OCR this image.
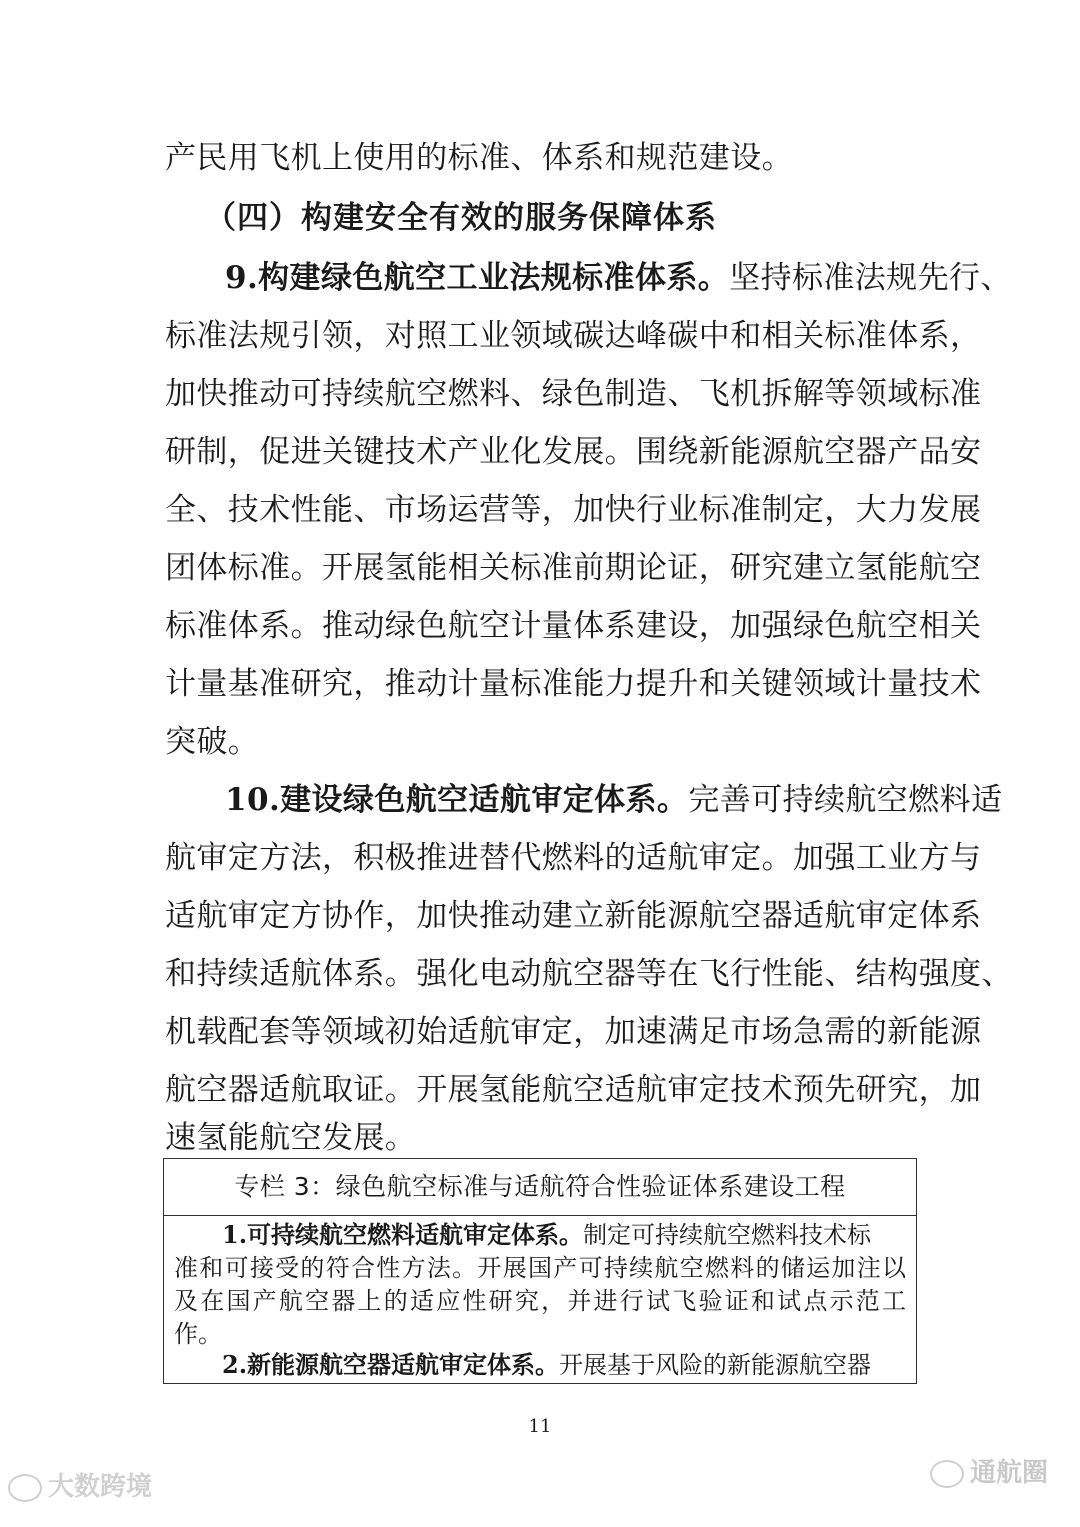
产民用飞机上使用的标准、体系和规范建设。
（四）构建安全有效的服务保障体系
9.构建绿色航空工业法规标准体系。坚持标准法规先行、
标准法规引领，对照工业领域碳达峰碳中和相关标准体系，
加快推动可持续航空燃料、绿色制造、飞机拆解等领域标准
研制，促进关键技术产业化发展。围绕新能源航空器产品安
全、技术性能、市场运营等，加快行业标准制定，大力发展
团体标准。开展氢能相关标准前期论证，研究建立氢能航空
标准体系。推动绿色航空计量体系建设，加强绿色航空相关
计量基准研究，推动计量标准能力提升和关键领域计量技术
突破。
10.建设绿色航空适航审定体系。完善可持续航空燃料适
航审定方法，积极推进替代燃料的适航审定。加强工业方与
适航审定方协作，加快推动建立新能源航空器适航审定体系
和持续适航体系。强化电动航空器等在飞行性能、结构强度、
机载配套等领域初始适航审定，加速满足市场急需的新能源
航空器适航取证。开展氢能航空适航审定技术预先研究，加
速氢能航空发展。
专栏 3：绿色航空标准与适航符合性验证体系建设工程
1.可持续航空燃料适航审定体系。制定可持续航空燃料技术标
准和可接受的符合性方法。开展国产可持续航空燃料的储运加注以
及在国产航空器上的适应性研究，并进行试飞验证和试点示范工
作。
2.新能源航空器适航审定体系。开展基于风险的新能源航空器
11
大数跨境	通航圈
